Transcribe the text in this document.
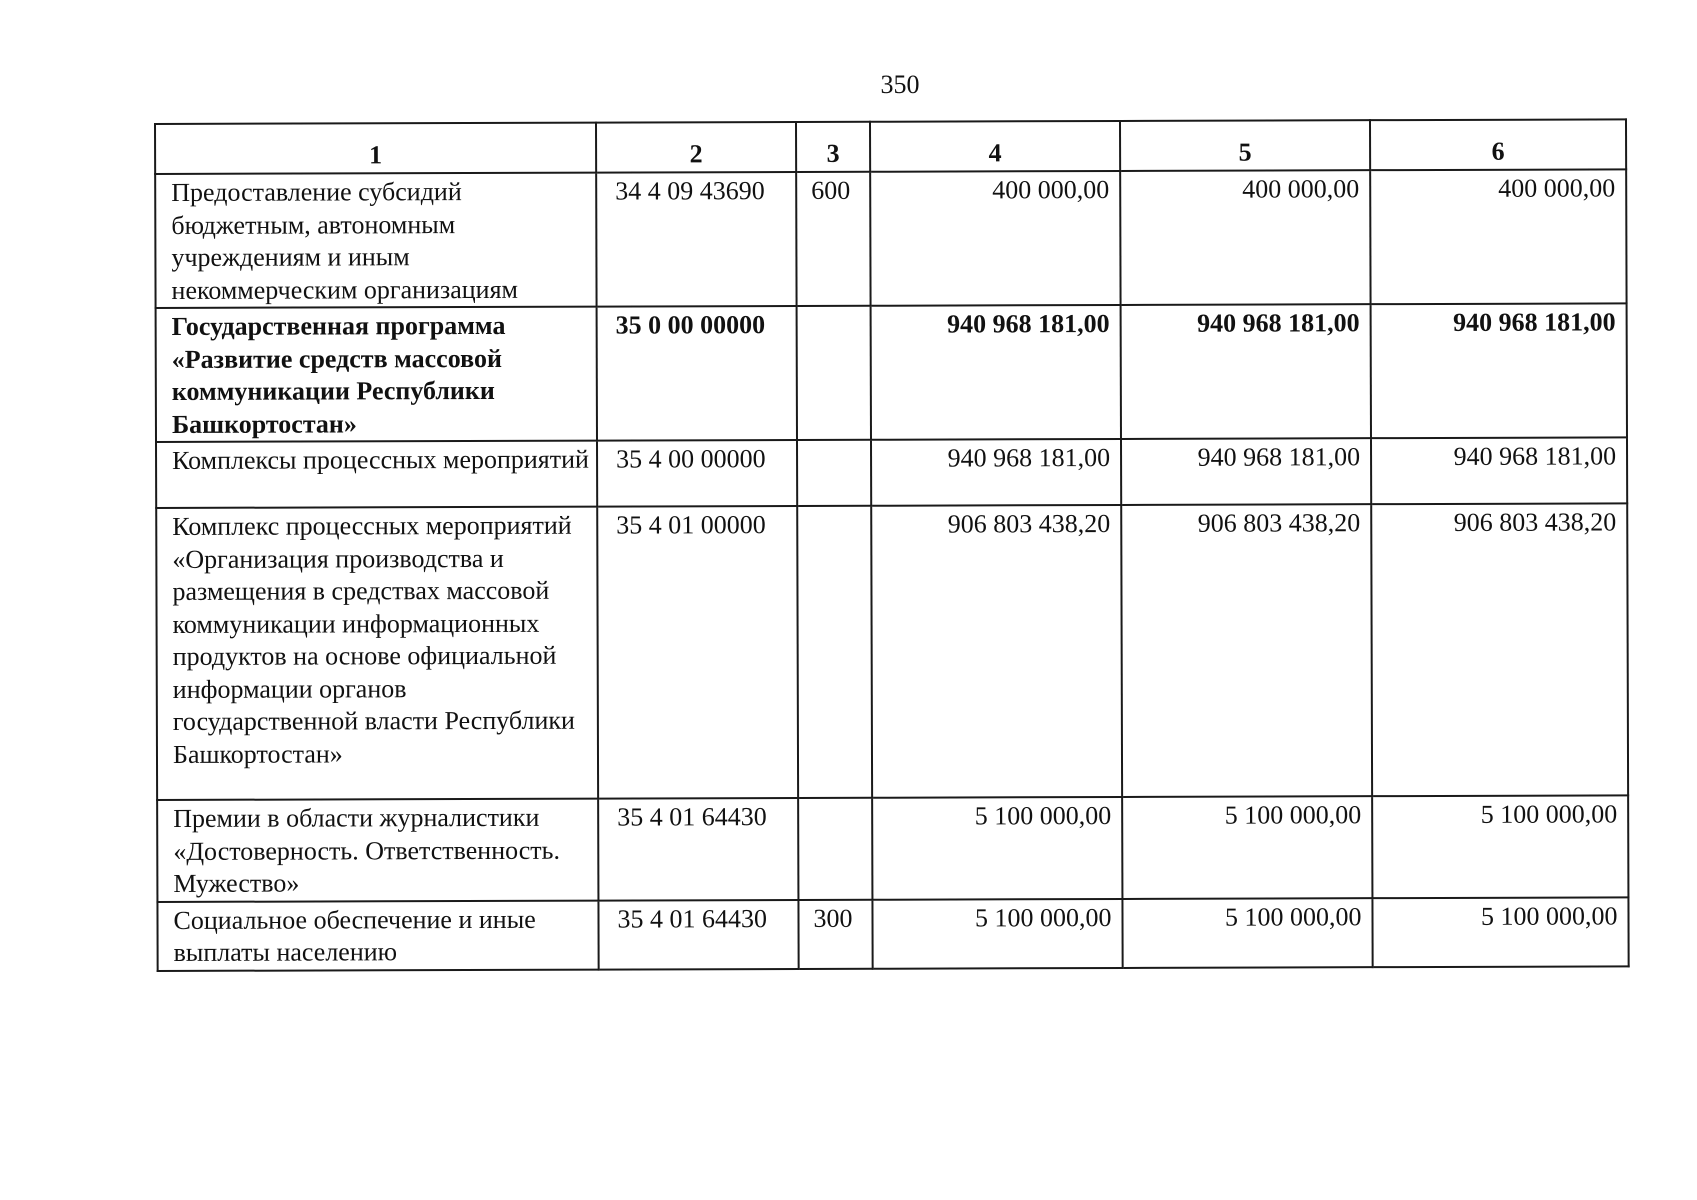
350
1	2	3	4	5	6
Предоставление субсидий бюджетным, автономным учреждениям и иным некоммерческим организациям	34 4 09 43690	600	400 000,00	400 000,00	400 000,00
Государственная программа «Развитие средств массовой коммуникации Республики Башкортостан»	35 0 00 00000		940 968 181,00	940 968 181,00	940 968 181,00
Комплексы процессных мероприятий	35 4 00 00000		940 968 181,00	940 968 181,00	940 968 181,00
Комплекс процессных мероприятий «Организация производства и размещения в средствах массовой коммуникации информационных продуктов на основе официальной информации органов государственной власти Республики Башкортостан»	35 4 01 00000		906 803 438,20	906 803 438,20	906 803 438,20
Премии в области журналистики «Достоверность. Ответственность. Мужество»	35 4 01 64430		5 100 000,00	5 100 000,00	5 100 000,00
Социальное обеспечение и иные выплаты населению	35 4 01 64430	300	5 100 000,00	5 100 000,00	5 100 000,00
